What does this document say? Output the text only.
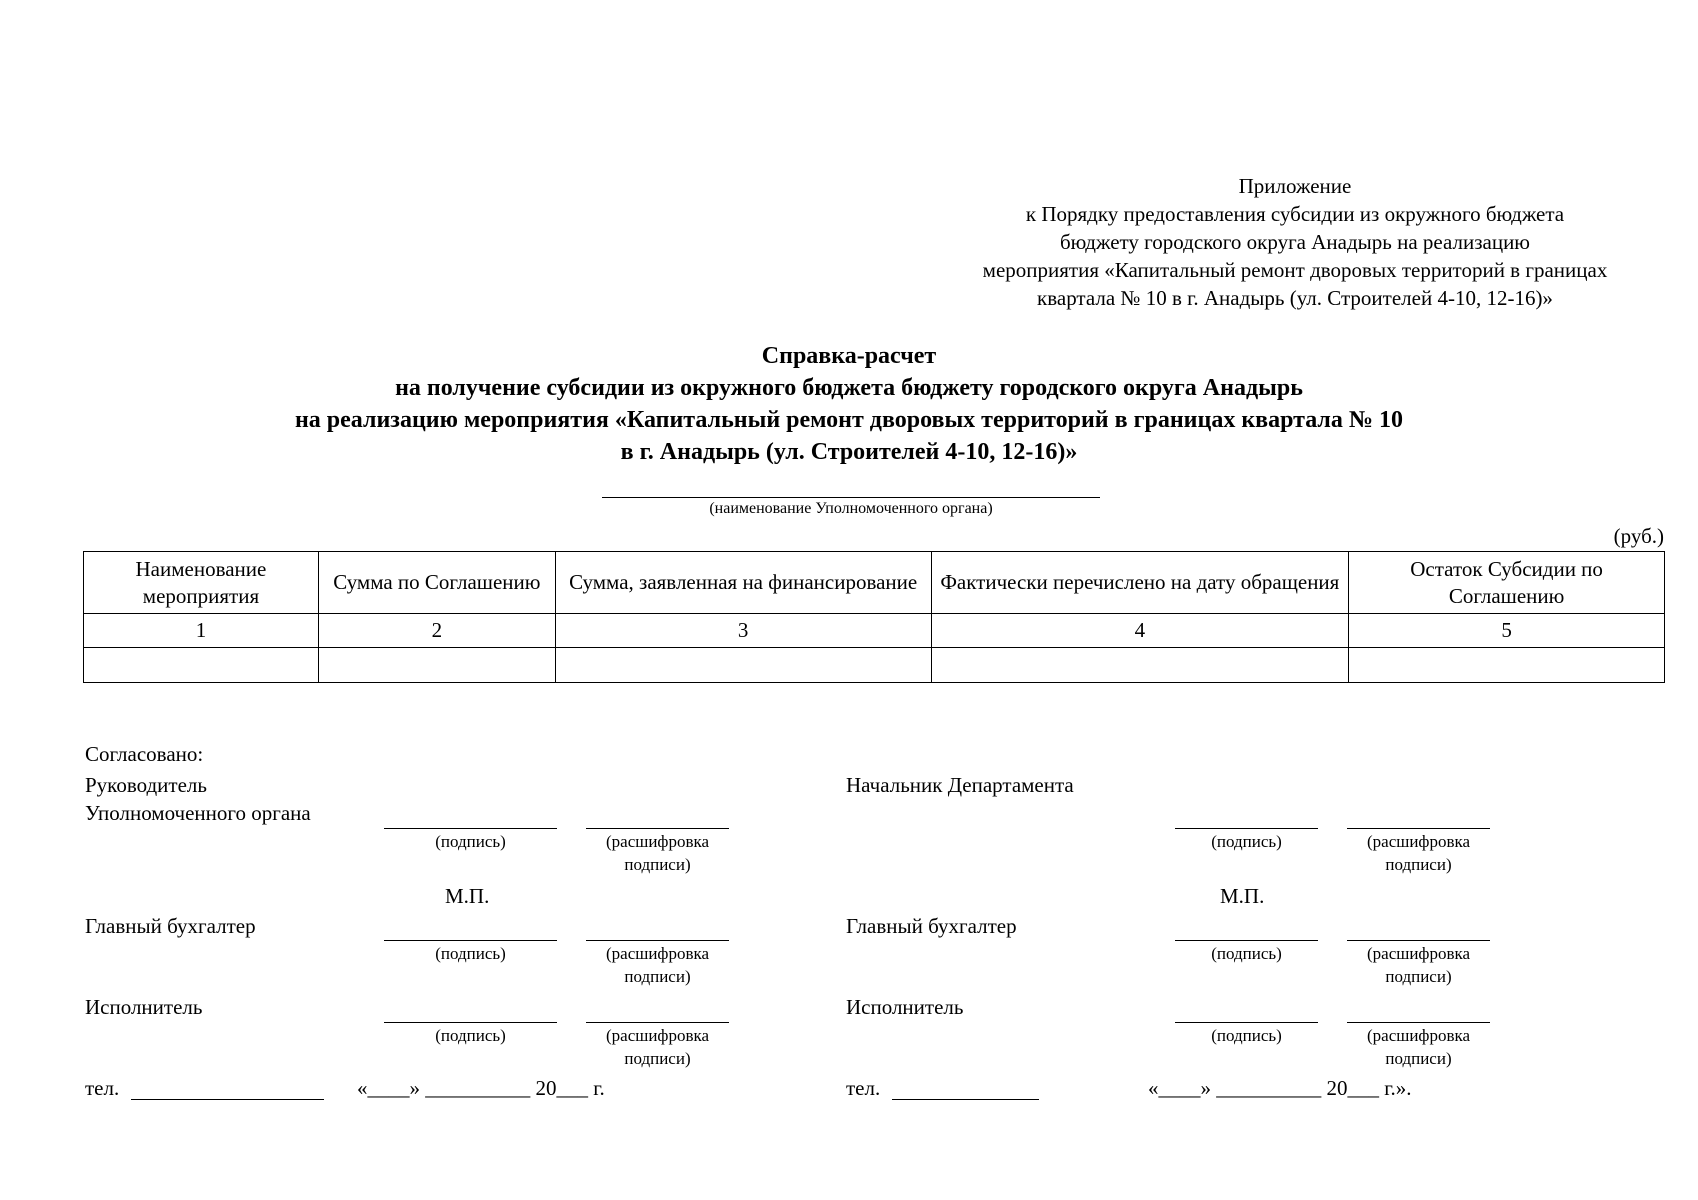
Приложение
к Порядку предоставления субсидии из окружного бюджета
бюджету городского округа Анадырь на реализацию
мероприятия «Капитальный ремонт дворовых территорий в границах
квартала № 10 в г. Анадырь (ул. Строителей 4-10, 12-16)»
Справка-расчет
на получение субсидии из окружного бюджета бюджету городского округа Анадырь
на реализацию мероприятия «Капитальный ремонт дворовых территорий в границах квартала № 10
в г. Анадырь (ул. Строителей 4-10, 12-16)»
(наименование Уполномоченного органа)
(руб.)
Наименование мероприятия	Сумма по Соглашению	Сумма, заявленная на финансирование	Фактически перечислено на дату обращения	Остаток Субсидии по Соглашению
1	2	3	4	5

Согласовано:
Руководитель
Уполномоченного органа
(подпись)	(расшифровка
подписи)
М.П.
Главный бухгалтер
(подпись)	(расшифровка
подписи)
Исполнитель
(подпись)	(расшифровка
подписи)
тел.	«____» __________ 20___ г.
Начальник Департамента
(подпись)	(расшифровка
подписи)
М.П.
Главный бухгалтер
(подпись)	(расшифровка
подписи)
Исполнитель
(подпись)	(расшифровка
подписи)
тел.	«____» __________ 20___ г.».
